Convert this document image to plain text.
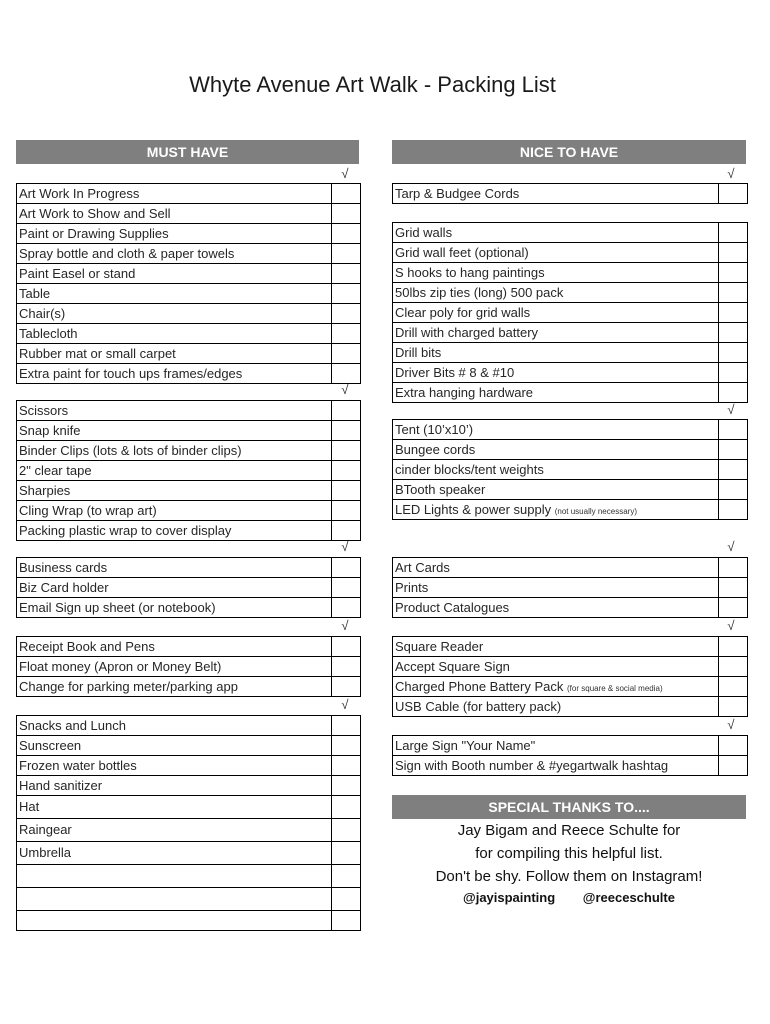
Whyte Avenue Art Walk - Packing List
MUST HAVE
√
Art Work In Progress
Art Work to Show and Sell
Paint or Drawing Supplies
Spray bottle and cloth & paper towels
Paint Easel or stand
Table
Chair(s)
Tablecloth
Rubber mat or small carpet
Extra paint for touch ups frames/edges
√
Scissors
Snap knife
Binder Clips (lots & lots of binder clips)
2" clear tape
Sharpies
Cling Wrap (to wrap art)
Packing plastic wrap to cover display
√
Business cards
Biz Card holder
Email Sign up sheet (or notebook)
√
Receipt Book and Pens
Float money (Apron or Money Belt)
Change for parking meter/parking app
√
Snacks and Lunch
Sunscreen
Frozen water bottles
Hand sanitizer
Hat
Raingear
Umbrella
NICE TO HAVE
√
Tarp & Budgee Cords
Grid walls
Grid wall feet (optional)
S hooks to hang paintings
50lbs zip ties (long) 500 pack
Clear poly for grid walls
Drill with charged battery
Drill bits
Driver Bits # 8 & #10
Extra hanging hardware
√
Tent (10’x10’)
Bungee cords
cinder blocks/tent weights
BTooth speaker
LED Lights & power supply (not usually necessary)
√
Art Cards
Prints
Product Catalogues
√
Square Reader
Accept Square Sign
Charged Phone Battery Pack (for square & social media)
USB Cable (for battery pack)
√
Large Sign "Your Name"
Sign with Booth number & #yegartwalk hashtag
SPECIAL THANKS TO....
Jay Bigam and Reece Schulte for
for compiling this helpful list.
Don't be shy. Follow them on Instagram!
@jayispainting @reeceschulte
